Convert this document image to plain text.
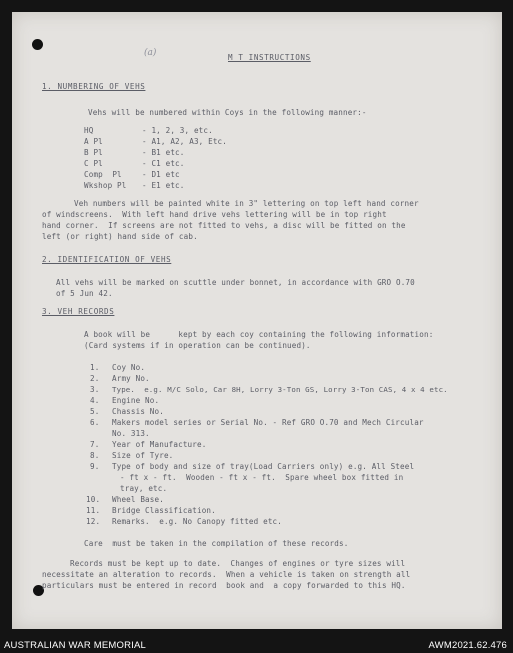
(a)	M T INSTRUCTIONS
1. NUMBERING OF VEHS
Vehs will be numbered within Coys in the following manner:-
HQ	- 1, 2, 3, etc.
A Pl	- A1, A2, A3, Etc.
B Pl	- B1 etc.
C Pl	- C1 etc.
Comp  Pl	- D1 etc
Wkshop Pl - E1 etc.
Veh numbers will be painted white in 3" lettering on top left hand corner
of windscreens.  With left hand drive vehs lettering will be in top right
hand corner.  If screens are not fitted to vehs, a disc will be fitted on the
left (or right) hand side of cab.
2. IDENTIFICATION OF VEHS
All vehs will be marked on scuttle under bonnet, in accordance with GRO O.70
of 5 Jun 42.
3. VEH RECORDS
A book will be      kept by each coy containing the following information:
(Card systems if in operation can be continued).
1. Coy No.
2. Army No.
3. Type.  e.g. M/C Solo, Car 8H, Lorry 3-Ton GS, Lorry 3-Ton CAS, 4 x 4 etc.
4. Engine No.
5. Chassis No.
6. Makers model series or Serial No. - Ref GRO O.70 and Mech Circular
No. 313.
7. Year of Manufacture.
8. Size of Tyre.
9. Type of body and size of tray(Load Carriers only) e.g. All Steel
- ft x - ft.  Wooden - ft x - ft.  Spare wheel box fitted in
tray, etc.
10. Wheel Base.
11. Bridge Classification.
12. Remarks.  e.g. No Canopy fitted etc.
Care  must be taken in the compilation of these records.
Records must be kept up to date.  Changes of engines or tyre sizes will
necessitate an alteration to records.  When a vehicle is taken on strength all
particulars must be entered in record  book and  a copy forwarded to this HQ.
AUSTRALIAN WAR MEMORIAL	AWM2021.62.476
